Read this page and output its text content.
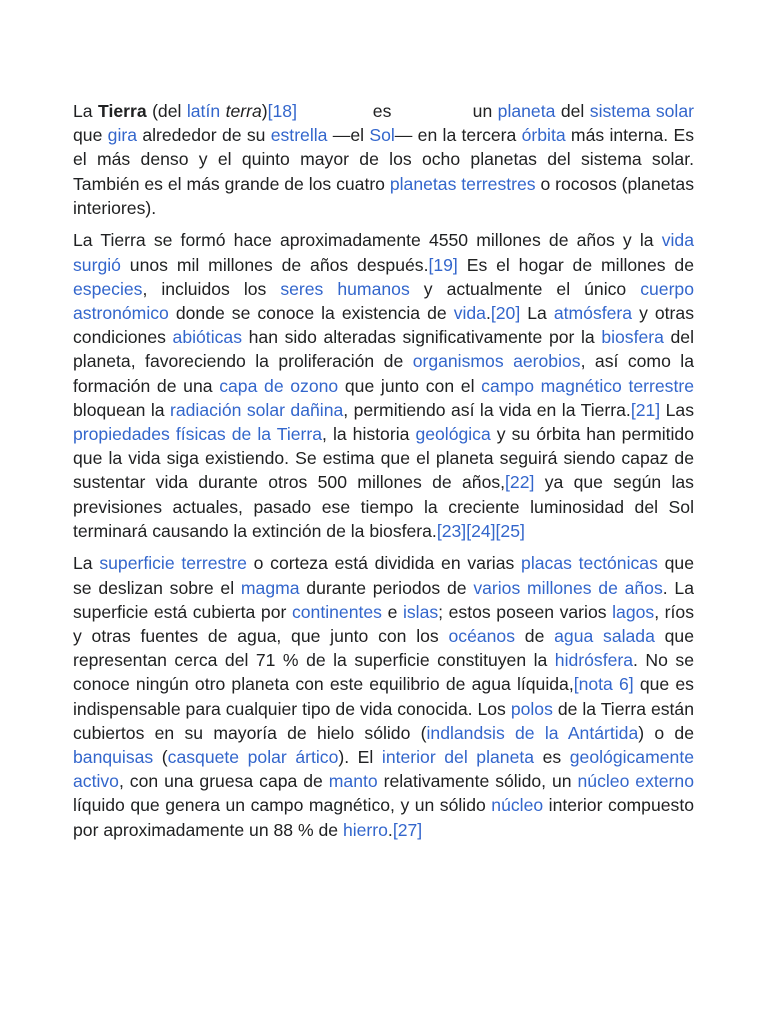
La Tierra (del latín terra)[18]     es      un planeta del sistema solar que gira alrededor de su estrella —el Sol— en la tercera órbita más interna. Es el más denso y el quinto mayor de los ocho planetas del sistema solar. También es el más grande de los cuatro planetas terrestres o rocosos (planetas interiores).

La Tierra se formó hace aproximadamente 4550 millones de años y la vida surgió unos mil millones de años después.[19] Es el hogar de millones de especies, incluidos los seres humanos y actualmente el único cuerpo astronómico donde se conoce la existencia de vida.[20] La atmósfera y otras condiciones abióticas han sido alteradas significativamente por la biosfera del planeta, favoreciendo la proliferación de organismos aerobios, así como la formación de una capa de ozono que junto con el campo magnético terrestre bloquean la radiación solar dañina, permitiendo así la vida en la Tierra.[21] Las propiedades físicas de la Tierra, la historia geológica y su órbita han permitido que la vida siga existiendo. Se estima que el planeta seguirá siendo capaz de sustentar vida durante otros 500 millones de años,[22] ya que según las previsiones actuales, pasado ese tiempo la creciente luminosidad del Sol terminará causando la extinción de la biosfera.[23][24][25]

La superficie terrestre o corteza está dividida en varias placas tectónicas que se deslizan sobre el magma durante periodos de varios millones de años. La superficie está cubierta por continentes e islas; estos poseen varios lagos, ríos y otras fuentes de agua, que junto con los océanos de agua salada que representan cerca del 71 % de la superficie constituyen la hidrósfera. No se conoce ningún otro planeta con este equilibrio de agua líquida,[nota 6] que es indispensable para cualquier tipo de vida conocida. Los polos de la Tierra están cubiertos en su mayoría de hielo sólido (indlandsis de la Antártida) o de banquisas (casquete polar ártico). El interior del planeta es geológicamente activo, con una gruesa capa de manto relativamente sólido, un núcleo externo líquido que genera un campo magnético, y un sólido núcleo interior compuesto por aproximadamente un 88 % de hierro.[27]
